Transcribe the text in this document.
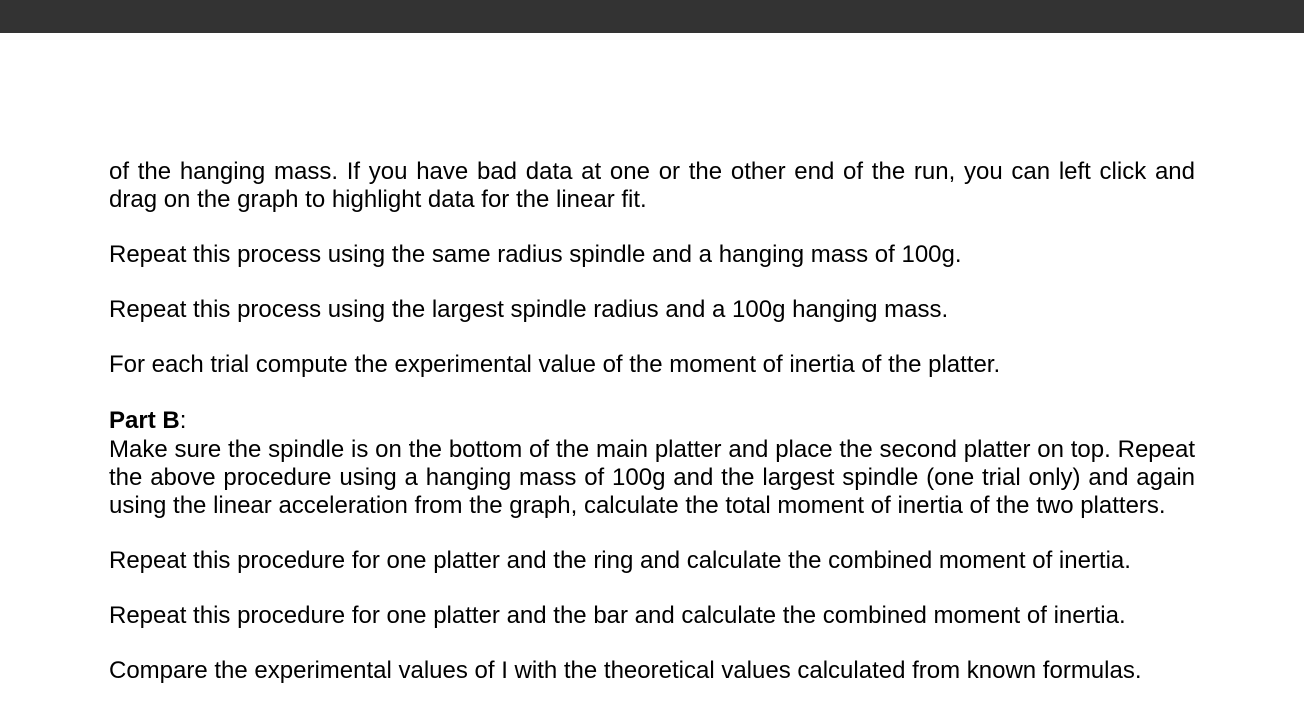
of the hanging mass. If you have bad data at one or the other end of the run, you can left click and drag on the graph to highlight data for the linear fit.

Repeat this process using the same radius spindle and a hanging mass of 100g.

Repeat this process using the largest spindle radius and a 100g hanging mass.

For each trial compute the experimental value of the moment of inertia of the platter.

Part B:

Make sure the spindle is on the bottom of the main platter and place the second platter on top. Repeat the above procedure using a hanging mass of 100g and the largest spindle (one trial only) and again using the linear acceleration from the graph, calculate the total moment of inertia of the two platters.

Repeat this procedure for one platter and the ring and calculate the combined moment of inertia.

Repeat this procedure for one platter and the bar and calculate the combined moment of inertia.

Compare the experimental values of I with the theoretical values calculated from known formulas.
